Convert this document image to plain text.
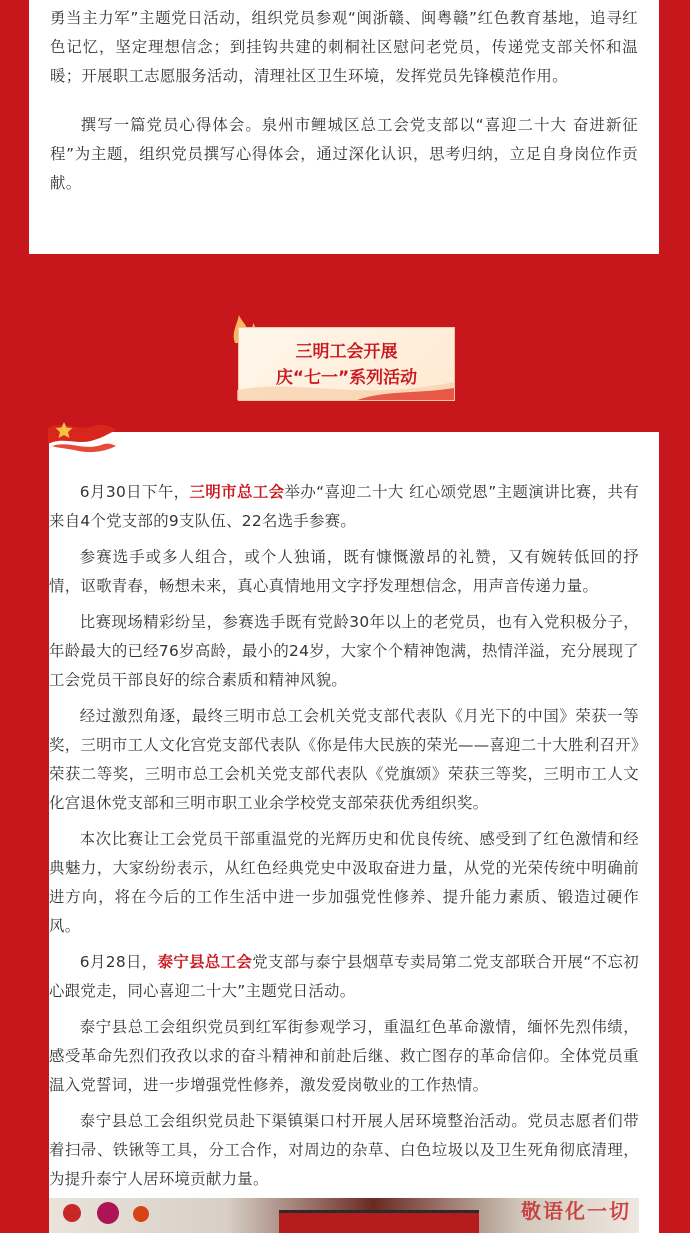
勇当主力军”主题党日活动，组织党员参观“闽浙赣、闽粤赣”红色教育基地，追寻红色记忆，坚定理想信念；到挂钩共建的刺桐社区慰问老党员，传递党支部关怀和温暖；开展职工志愿服务活动，清理社区卫生环境，发挥党员先锋模范作用。

撰写一篇党员心得体会。泉州市鲤城区总工会党支部以“喜迎二十大 奋进新征程”为主题，组织党员撰写心得体会，通过深化认识，思考归纳，立足自身岗位作贡献。

三明工会开展
庆“七一”系列活动

6月30日下午，三明市总工会举办“喜迎二十大 红心颂党恩”主题演讲比赛，共有来自4个党支部的9支队伍、22名选手参赛。

参赛选手或多人组合，或个人独诵，既有慷慨激昂的礼赞，又有婉转低回的抒情，讴歌青春，畅想未来，真心真情地用文字抒发理想信念，用声音传递力量。

比赛现场精彩纷呈，参赛选手既有党龄30年以上的老党员，也有入党积极分子，年龄最大的已经76岁高龄，最小的24岁，大家个个精神饱满，热情洋溢，充分展现了工会党员干部良好的综合素质和精神风貌。

经过激烈角逐，最终三明市总工会机关党支部代表队《月光下的中国》荣获一等奖，三明市工人文化宫党支部代表队《你是伟大民族的荣光——喜迎二十大胜利召开》荣获二等奖，三明市总工会机关党支部代表队《党旗颂》荣获三等奖，三明市工人文化宫退休党支部和三明市职工业余学校党支部荣获优秀组织奖。

本次比赛让工会党员干部重温党的光辉历史和优良传统、感受到了红色激情和经典魅力，大家纷纷表示，从红色经典党史中汲取奋进力量，从党的光荣传统中明确前进方向，将在今后的工作生活中进一步加强党性修养、提升能力素质、锻造过硬作风。

6月28日，泰宁县总工会党支部与泰宁县烟草专卖局第二党支部联合开展“不忘初心跟党走，同心喜迎二十大”主题党日活动。

泰宁县总工会组织党员到红军街参观学习，重温红色革命激情，缅怀先烈伟绩，感受革命先烈们孜孜以求的奋斗精神和前赴后继、救亡图存的革命信仰。全体党员重温入党誓词，进一步增强党性修养，激发爱岗敬业的工作热情。

泰宁县总工会组织党员赴下渠镇渠口村开展人居环境整治活动。党员志愿者们带着扫帚、铁锹等工具，分工合作，对周边的杂草、白色垃圾以及卫生死角彻底清理，为提升泰宁人居环境贡献力量。

敬语化一切
